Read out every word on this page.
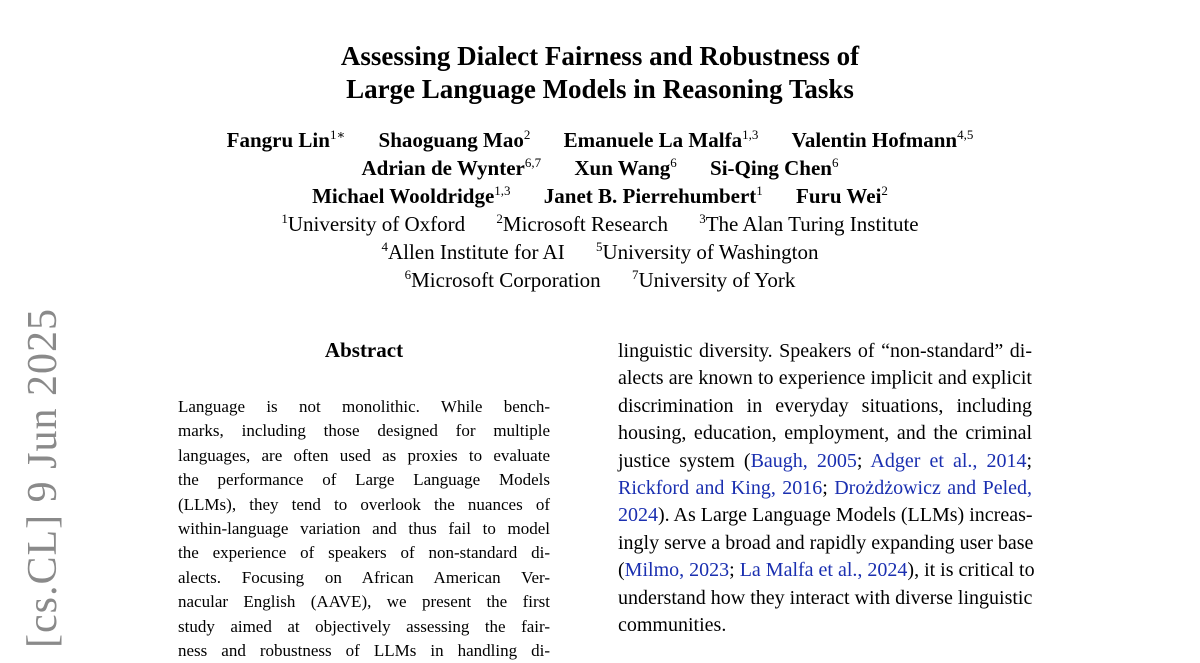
[cs.CL] 9 Jun 2025
Assessing Dialect Fairness and Robustness of
Large Language Models in Reasoning Tasks
Fangru Lin$^{1∗}$ Shaoguang Mao$^2$ Emanuele La Malfa$^{1,3}$ Valentin Hofmann$^{4,5}$
Adrian de Wynter$^{6,7}$ Xun Wang$^6$ Si-Qing Chen$^6$
Michael Wooldridge$^{1,3}$ Janet B. Pierrehumbert$^1$ Furu Wei$^2$
$^1$University of Oxford $^2$Microsoft Research $^3$The Alan Turing Institute
$^4$Allen Institute for AI $^5$University of Washington
$^6$Microsoft Corporation $^7$University of York
Abstract
Language is not monolithic. While bench-
marks, including those designed for multiple
languages, are often used as proxies to evaluate
the performance of Large Language Models
(LLMs), they tend to overlook the nuances of
within-language variation and thus fail to model
the experience of speakers of non-standard di-
alects. Focusing on African American Ver-
nacular English (AAVE), we present the first
study aimed at objectively assessing the fair-
ness and robustness of LLMs in handling di-
linguistic diversity. Speakers of “non-standard” di-
alects are known to experience implicit and explicit
discrimination in everyday situations, including
housing, education, employment, and the criminal
justice system (Baugh, 2005; Adger et al., 2014;
Rickford and King, 2016; Drożdżowicz and Peled,
2024). As Large Language Models (LLMs) increas-
ingly serve a broad and rapidly expanding user base
(Milmo, 2023; La Malfa et al., 2024), it is critical to
understand how they interact with diverse linguistic
communities.
